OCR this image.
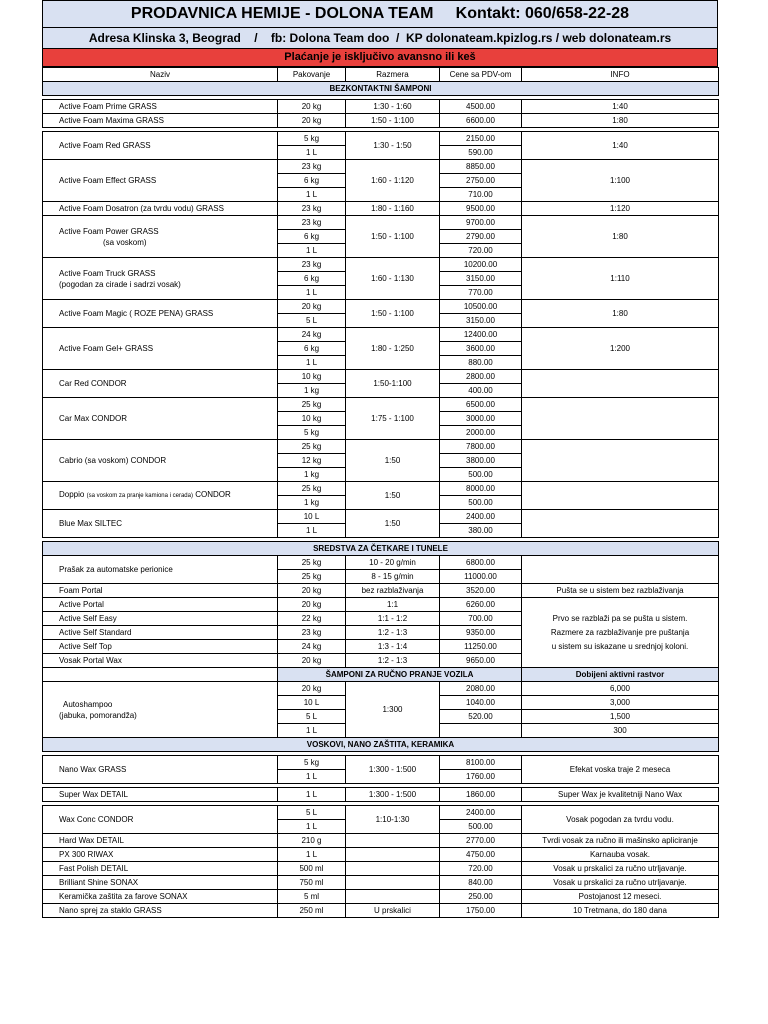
PRODAVNICA HEMIJE - DOLONA TEAM     Kontakt: 060/658-22-28
Adresa Klinska 3, Beograd    /    fb: Dolona Team doo  /  KP dolonateam.kpizlog.rs / web dolonateam.rs
Plaćanje je isključivo avansno ili keš
Naziv	Pakovanje	Razmera	Cene sa PDV-om	INFO
BEZKONTAKTNI ŠAMPONI				

Active Foam Prime GRASS	20 kg	1:30 - 1:60	4500.00	1:40
Active Foam Maxima GRASS	20 kg	1:50 - 1:100	6600.00	1:80

Active Foam Red GRASS	5 kg	1:30 - 1:50	2150.00	1:40
	1 L		590.00	
Active Foam Effect GRASS	23 kg	1:60 - 1:120	8850.00	1:100
	6 kg		2750.00	
	1 L		710.00	
Active Foam Dosatron (za tvrdu vodu) GRASS	23 kg	1:80 - 1:160	9500.00	1:120
Active Foam Power GRASS
(sa voskom)	23 kg	1:50 - 1:100	9700.00	1:80
	6 kg		2790.00	
	1 L		720.00	
Active Foam Truck GRASS
(pogodan za cirade i sadrzi vosak)	23 kg	1:60 - 1:130	10200.00	1:110
	6 kg		3150.00	
	1 L		770.00	
Active Foam Magic ( ROZE PENA) GRASS	20 kg	1:50 - 1:100	10500.00	1:80
	5 L		3150.00	
Active Foam Gel+ GRASS	24 kg	1:80 - 1:250	12400.00	1:200
	6 kg		3600.00	
	1 L		880.00	
Car Red CONDOR	10 kg	1:50-1:100	2800.00	
	1 kg		400.00	
Car Max CONDOR	25 kg	1:75 - 1:100	6500.00	
	10 kg		3000.00	
	5 kg		2000.00	
Cabrio (sa voskom) CONDOR	25 kg	1:50	7800.00	
	12 kg		3800.00	
	1 kg		500.00	
Doppio (sa voskom za pranje kamiona i cerada) CONDOR	25 kg	1:50	8000.00	
	1 kg		500.00	
Blue Max SILTEC	10 L	1:50	2400.00	
	1 L		380.00	

SREDSTVA ZA ČETKARE I TUNELE				
Prašak za automatske perionice	25 kg	10 - 20 g/min	6800.00	
	25 kg	8 - 15 g/min	11000.00	
Foam Portal	20 kg	bez razblaživanja	3520.00	Pušta se u sistem bez razblaživanja
Active Portal	20 kg	1:1	6260.00	Prvo se razblaži pa se pušta u sistem.
Razmere za razblaživanje pre puštanja
u sistem su iskazane u srednjoj koloni.
Active Self Easy	22 kg	1:1 - 1:2	700.00	
Active Self Standard	23 kg	1:2 - 1:3	9350.00	
Active Self Top	24 kg	1:3 - 1:4	11250.00	
Vosak Portal Wax	20 kg	1:2 - 1:3	9650.00	
	ŠAMPONI ZA RUČNO PRANJE VOZILA			Dobijeni aktivni rastvor
Autoshampoo
(jabuka, pomorandža)	20 kg	1:300	2080.00	6,000
	10 L		1040.00	3,000
	5 L		520.00	1,500
	1 L			300
VOSKOVI, NANO ZAŠTITA, KERAMIKA				

Nano Wax GRASS	5 kg	1:300 - 1:500	8100.00	Efekat voska traje 2 meseca
	1 L		1760.00	

Super Wax DETAIL	1 L	1:300 - 1:500	1860.00	Super Wax je kvalitetniji Nano Wax

Wax Conc CONDOR	5 L	1:10-1:30	2400.00	Vosak pogodan za tvrdu vodu.
	1 L		500.00	
Hard Wax DETAIL	210 g		2770.00	Tvrdi vosak za ručno ili mašinsko apliciranje
PX 300 RIWAX	1 L		4750.00	Karnauba vosak.
Fast Polish DETAIL	500 ml		720.00	Vosak u prskalici za ručno utrljavanje.
Brilliant Shine SONAX	750 ml		840.00	Vosak u prskalici za ručno utrljavanje.
Keramička zaštita za farove SONAX	5 ml		250.00	Postojanost 12 meseci.
Nano sprej za staklo GRASS	250 ml	U prskalici	1750.00	10 Tretmana, do 180 dana
